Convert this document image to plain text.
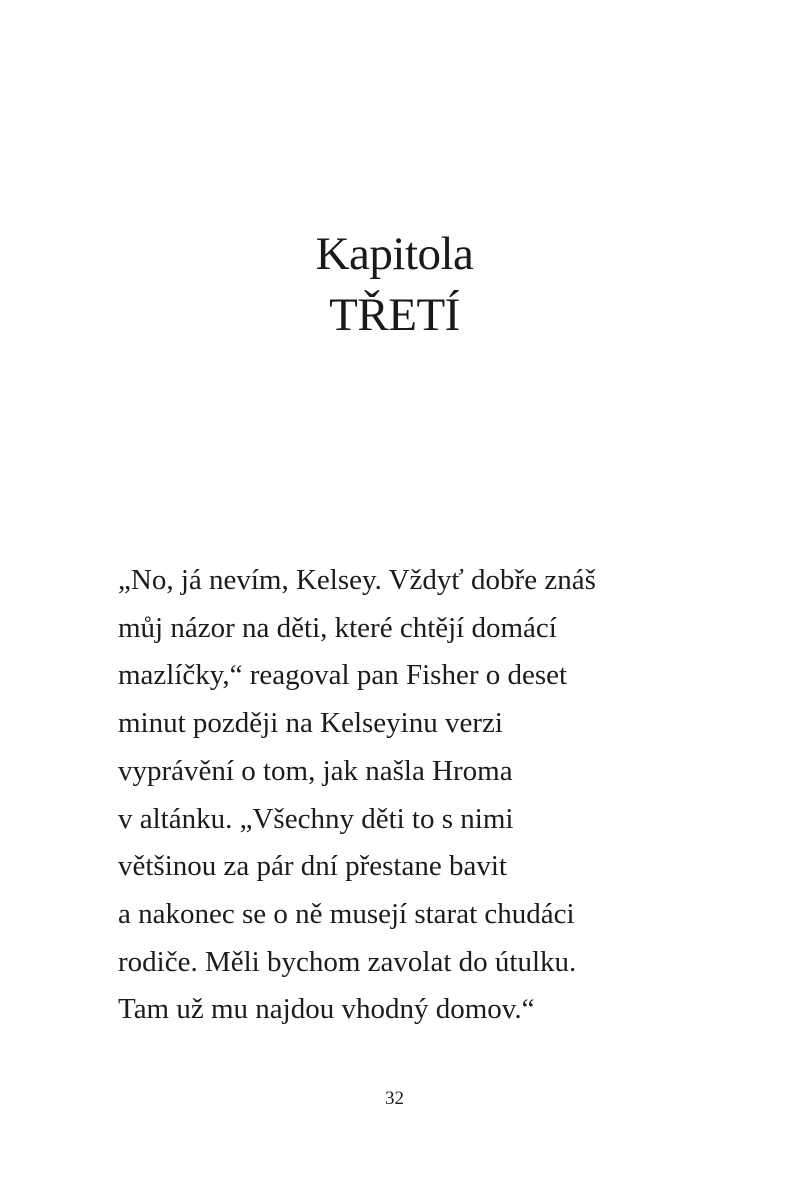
Kapitola
TŘETÍ
„No, já nevím, Kelsey. Vždyť dobře znáš
můj názor na děti, které chtějí domácí
mazlíčky,“ reagoval pan Fisher o deset
minut později na Kelseyinu verzi
vyprávění o tom, jak našla Hroma
v altánku. „Všechny děti to s nimi
většinou za pár dní přestane bavit
a nakonec se o ně musejí starat chudáci
rodiče. Měli bychom zavolat do útulku.
Tam už mu najdou vhodný domov.“
32
